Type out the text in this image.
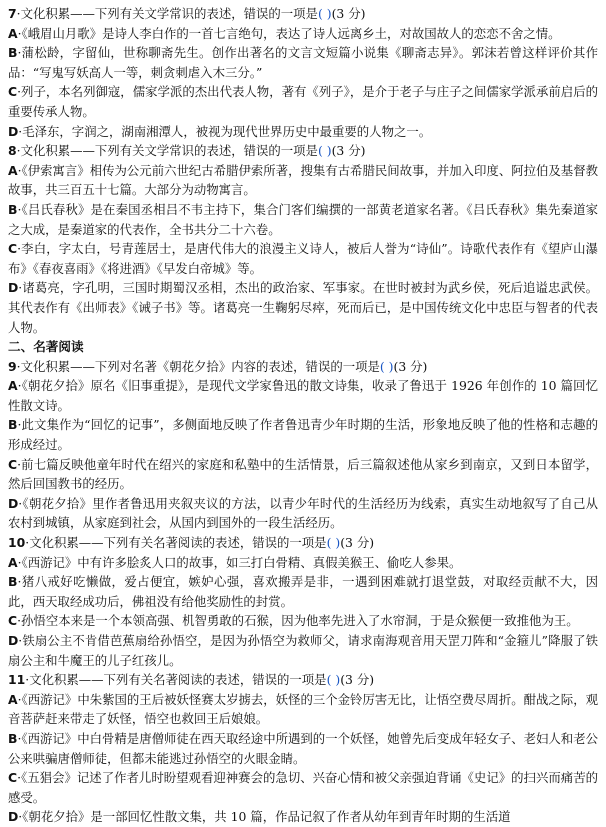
7·文化积累——下列有关文学常识的表述，错误的一项是( )(3 分)

A·《峨眉山月歌》是诗人李白作的一首七言绝句，表达了诗人远离乡土，对故国故人的恋恋不舍之情。

B·蒲松龄，字留仙，世称聊斋先生。创作出著名的文言文短篇小说集《聊斋志异》。郭沫若曾这样评价其作品：“写鬼写妖高人一等，刺贪刺虐入木三分。”

C·列子，本名列御寇，儒家学派的杰出代表人物，著有《列子》，是介于老子与庄子之间儒家学派承前启后的重要传承人物。

D·毛泽东，字润之，湖南湘潭人，被视为现代世界历史中最重要的人物之一。

8·文化积累——下列有关文学常识的表述，错误的一项是( )(3 分)

A·《伊索寓言》相传为公元前六世纪古希腊伊索所著，搜集有古希腊民间故事，并加入印度、阿拉伯及基督教故事，共三百五十七篇。大部分为动物寓言。

B·《吕氏春秋》是在秦国丞相吕不韦主持下，集合门客们编撰的一部黄老道家名著。《吕氏春秋》集先秦道家之大成，是秦道家的代表作，全书共分二十六卷。

C·李白，字太白，号青莲居士，是唐代伟大的浪漫主义诗人，被后人誉为“诗仙”。诗歌代表作有《望庐山瀑布》《春夜喜雨》《将进酒》《早发白帝城》等。

D·诸葛亮，字孔明，三国时期蜀汉丞相，杰出的政治家、军事家。在世时被封为武乡侯，死后追谥忠武侯。其代表作有《出师表》《诫子书》等。诸葛亮一生鞠躬尽瘁，死而后已，是中国传统文化中忠臣与智者的代表人物。

二、名著阅读

9·文化积累——下列对名著《朝花夕拾》内容的表述，错误的一项是( )(3 分)

A·《朝花夕拾》原名《旧事重提》，是现代文学家鲁迅的散文诗集，收录了鲁迅于 1926 年创作的 10 篇回忆性散文诗。

B·此文集作为“回忆的记事”，多侧面地反映了作者鲁迅青少年时期的生活，形象地反映了他的性格和志趣的形成经过。

C·前七篇反映他童年时代在绍兴的家庭和私塾中的生活情景，后三篇叙述他从家乡到南京，又到日本留学，然后回国教书的经历。

D·《朝花夕拾》里作者鲁迅用夹叙夹议的方法，以青少年时代的生活经历为线索，真实生动地叙写了自己从农村到城镇，从家庭到社会，从国内到国外的一段生活经历。

10·文化积累——下列有关名著阅读的表述，错误的一项是( )(3 分)

A·《西游记》中有许多脍炙人口的故事，如三打白骨精、真假美猴王、偷吃人参果。

B·猪八戒好吃懒做，爱占便宜，嫉妒心强，喜欢搬弄是非，一遇到困难就打退堂鼓，对取经贡献不大，因此，西天取经成功后，佛祖没有给他奖励性的封赏。

C·孙悟空本来是一个本领高强、机智勇敢的石猴，因为他率先进入了水帘洞，于是众猴便一致推他为王。

D·铁扇公主不肯借芭蕉扇给孙悟空，是因为孙悟空为救师父，请求南海观音用天罡刀阵和“金箍儿”降服了铁扇公主和牛魔王的儿子红孩儿。

11·文化积累——下列有关名著阅读的表述，错误的一项是( )(3 分)

A·《西游记》中朱紫国的王后被妖怪赛太岁掳去，妖怪的三个金铃厉害无比，让悟空费尽周折。酣战之际，观音菩萨赶来带走了妖怪，悟空也救回王后娘娘。

B·《西游记》中白骨精是唐僧师徒在西天取经途中所遇到的一个妖怪，她曾先后变成年轻女子、老妇人和老公公来哄骗唐僧师徒，但都未能逃过孙悟空的火眼金睛。

C·《五猖会》记述了作者儿时盼望观看迎神赛会的急切、兴奋心情和被父亲强迫背诵《史记》的扫兴而痛苦的感受。

D·《朝花夕拾》是一部回忆性散文集，共 10 篇，作品记叙了作者从幼年到青年时期的生活道
